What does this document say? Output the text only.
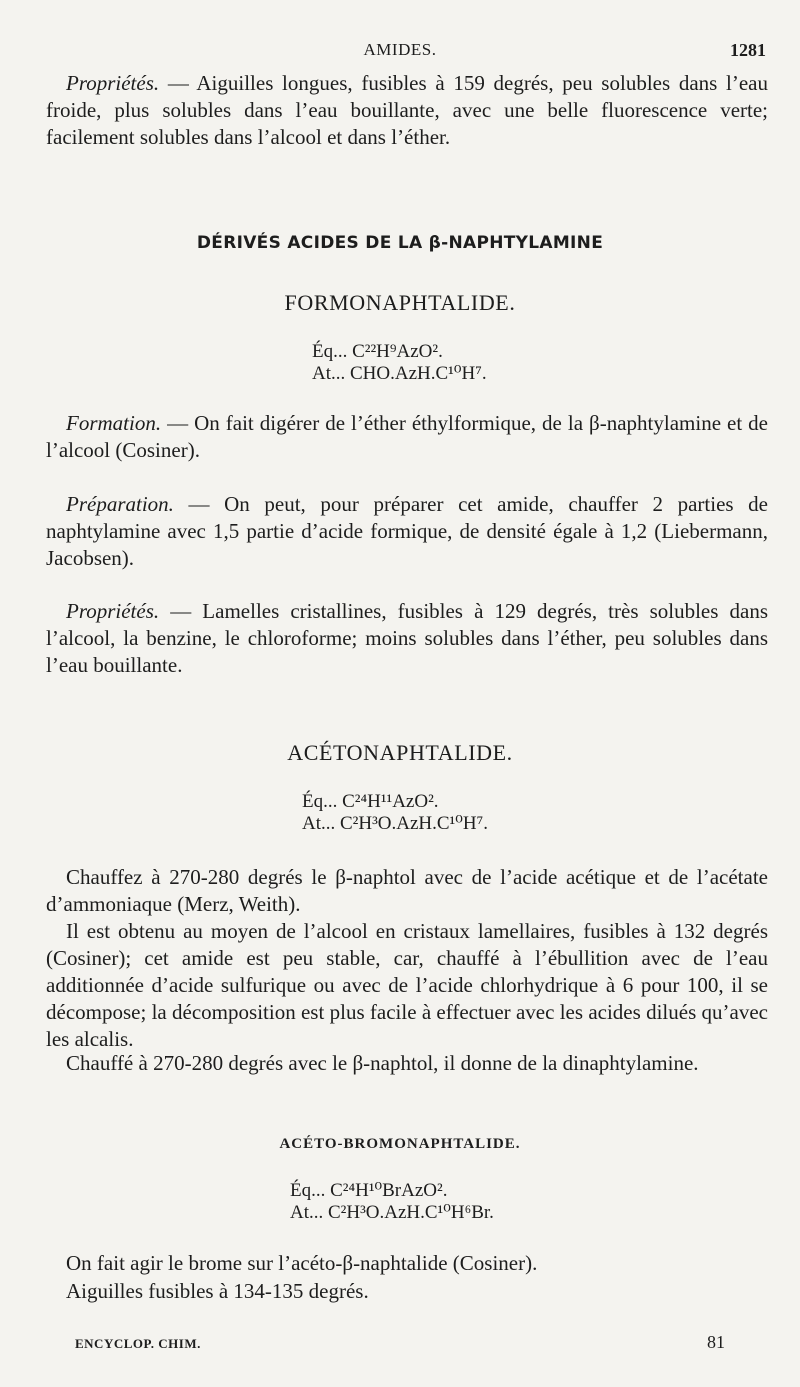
AMIDES.	1281

Propriétés. — Aiguilles longues, fusibles à 159 degrés, peu solubles dans l’eau froide, plus solubles dans l’eau bouillante, avec une belle fluorescence verte; facilement solubles dans l’alcool et dans l’éther.

DÉRIVÉS ACIDES DE LA β-NAPHTYLAMINE
FORMONAPHTALIDE.
Éq... C²²H⁹AzO².
At... CHO.AzH.C¹⁰H⁷.

Formation. — On fait digérer de l’éther éthylformique, de la β-naphtylamine et de l’alcool (Cosiner).

Préparation. — On peut, pour préparer cet amide, chauffer 2 parties de naphtylamine avec 1,5 partie d’acide formique, de densité égale à 1,2 (Liebermann, Jacobsen).

Propriétés. — Lamelles cristallines, fusibles à 129 degrés, très solubles dans l’alcool, la benzine, le chloroforme; moins solubles dans l’éther, peu solubles dans l’eau bouillante.

ACÉTONAPHTALIDE.
Éq... C²⁴H¹¹AzO².
At... C²H³O.AzH.C¹⁰H⁷.

Chauffez à 270-280 degrés le β-naphtol avec de l’acide acétique et de l’acétate d’ammoniaque (Merz, Weith).

Il est obtenu au moyen de l’alcool en cristaux lamellaires, fusibles à 132 degrés (Cosiner); cet amide est peu stable, car, chauffé à l’ébullition avec de l’eau additionnée d’acide sulfurique ou avec de l’acide chlorhydrique à 6 pour 100, il se décompose; la décomposition est plus facile à effectuer avec les acides dilués qu’avec les alcalis.

Chauffé à 270-280 degrés avec le β-naphtol, il donne de la dinaphtylamine.

ACÉTO-BROMONAPHTALIDE.
Éq... C²⁴H¹⁰BrAzO².
At... C²H³O.AzH.C¹⁰H⁶Br.

On fait agir le brome sur l’acéto-β-naphtalide (Cosiner).

Aiguilles fusibles à 134-135 degrés.

ENCYCLOP. CHIM.	81
